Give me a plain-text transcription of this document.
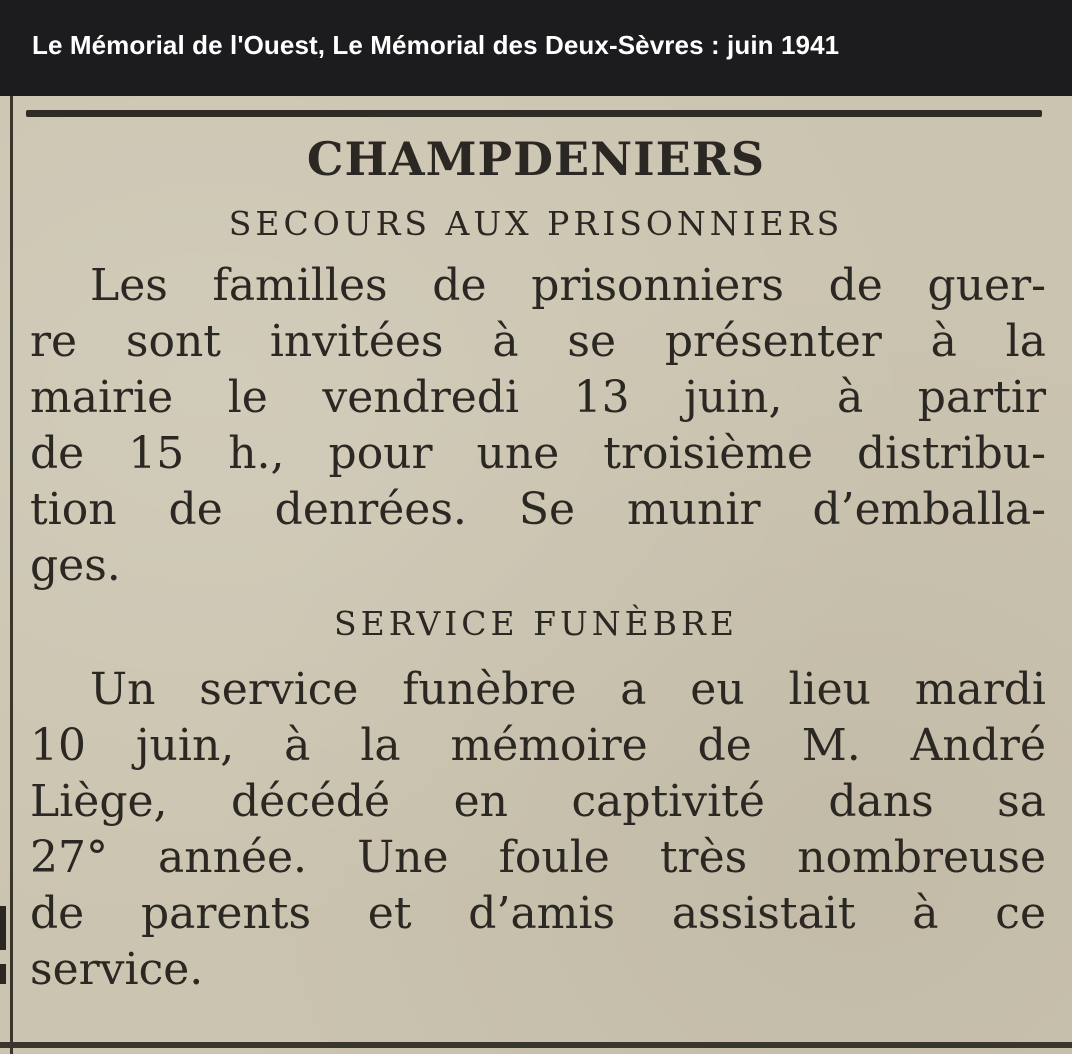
Le Mémorial de l'Ouest, Le Mémorial des Deux-Sèvres : juin 1941
CHAMPDENIERS
SECOURS AUX PRISONNIERS
Les familles de prisonniers de guer-
re sont invitées à se présenter à la
mairie le vendredi 13 juin, à partir
de 15 h., pour une troisième distribu-
tion de denrées. Se munir d’emballa-
ges.
SERVICE FUNÈBRE
Un service funèbre a eu lieu mardi
10 juin, à la mémoire de M. André
Liège, décédé en captivité dans sa
27° année. Une foule très nombreuse
de parents et d’amis assistait à ce
service.
